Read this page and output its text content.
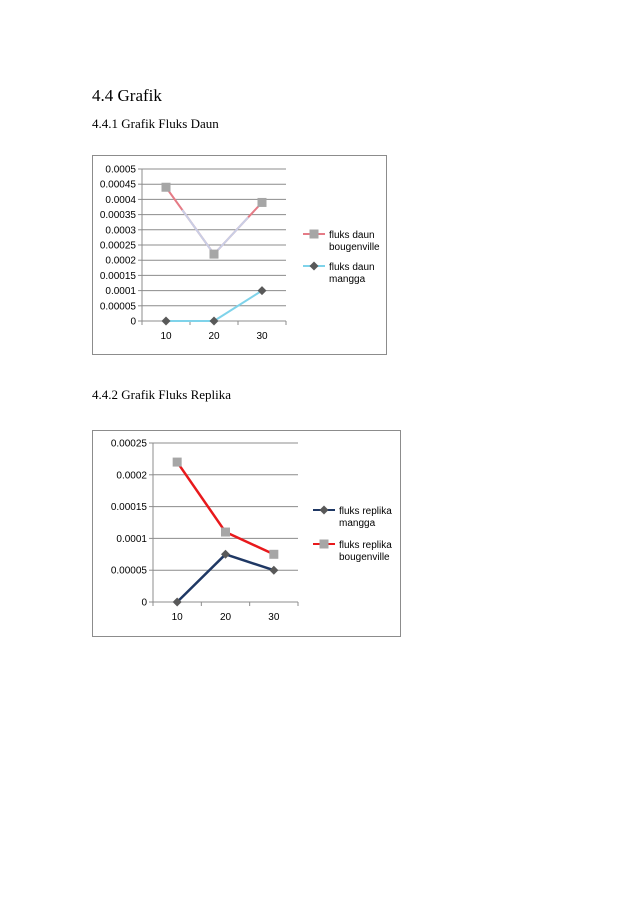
4.4 Grafik
4.4.1 Grafik Fluks Daun
0
0.00005
0.0001
0.00015
0.0002
0.00025
0.0003
0.00035
0.0004
0.00045
0.0005
10	20	30
fluks daun
bougenville
fluks daun
mangga
4.4.2 Grafik Fluks Replika
0
0.00005
0.0001
0.00015
0.0002
0.00025
10	20	30
fluks replika
mangga
fluks replika
bougenville
